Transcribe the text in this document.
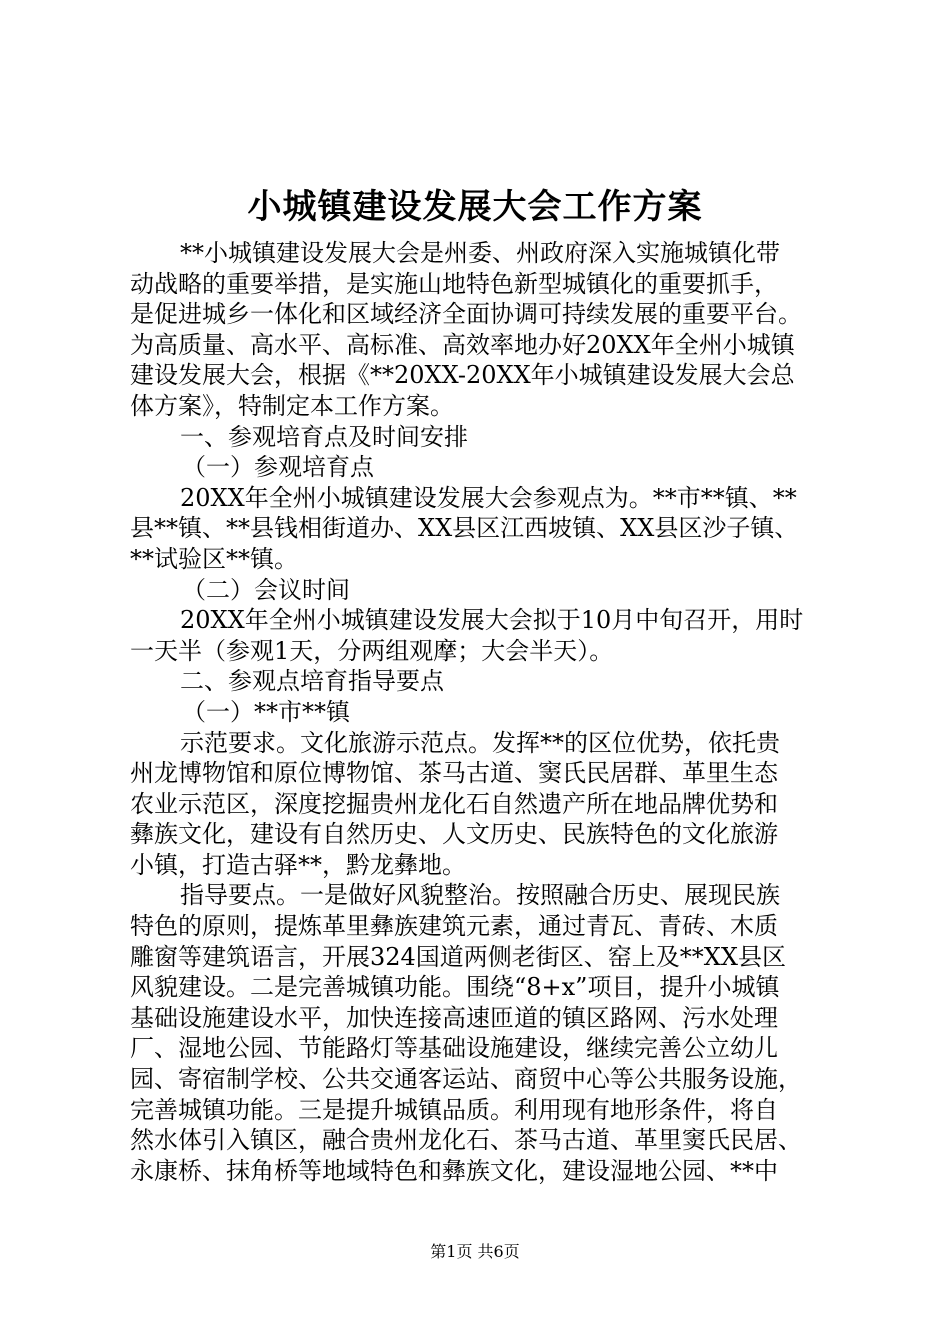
小城镇建设发展大会工作方案
**小城镇建设发展大会是州委、州政府深入实施城镇化带
动战略的重要举措，是实施山地特色新型城镇化的重要抓手，
是促进城乡一体化和区域经济全面协调可持续发展的重要平台。
为高质量、高水平、高标准、高效率地办好20XX年全州小城镇
建设发展大会，根据《**20XX-20XX年小城镇建设发展大会总
体方案》，特制定本工作方案。
一、参观培育点及时间安排
（一）参观培育点
20XX年全州小城镇建设发展大会参观点为。**市**镇、**
县**镇、**县钱相街道办、XX县区江西坡镇、XX县区沙子镇、
**试验区**镇。
（二）会议时间
20XX年全州小城镇建设发展大会拟于10月中旬召开，用时
一天半（参观1天，分两组观摩；大会半天）。
二、参观点培育指导要点
（一）**市**镇
示范要求。文化旅游示范点。发挥**的区位优势，依托贵
州龙博物馆和原位博物馆、茶马古道、窦氏民居群、革里生态
农业示范区，深度挖掘贵州龙化石自然遗产所在地品牌优势和
彝族文化，建设有自然历史、人文历史、民族特色的文化旅游
小镇，打造古驿**，黔龙彝地。
指导要点。一是做好风貌整治。按照融合历史、展现民族
特色的原则，提炼革里彝族建筑元素，通过青瓦、青砖、木质
雕窗等建筑语言，开展324国道两侧老街区、窑上及**XX县区
风貌建设。二是完善城镇功能。围绕“8+x”项目，提升小城镇
基础设施建设水平，加快连接高速匝道的镇区路网、污水处理
厂、湿地公园、节能路灯等基础设施建设，继续完善公立幼儿
园、寄宿制学校、公共交通客运站、商贸中心等公共服务设施，
完善城镇功能。三是提升城镇品质。利用现有地形条件，将自
然水体引入镇区，融合贵州龙化石、茶马古道、革里窦氏民居、
永康桥、抹角桥等地域特色和彝族文化，建设湿地公园、**中
第1页 共6页
